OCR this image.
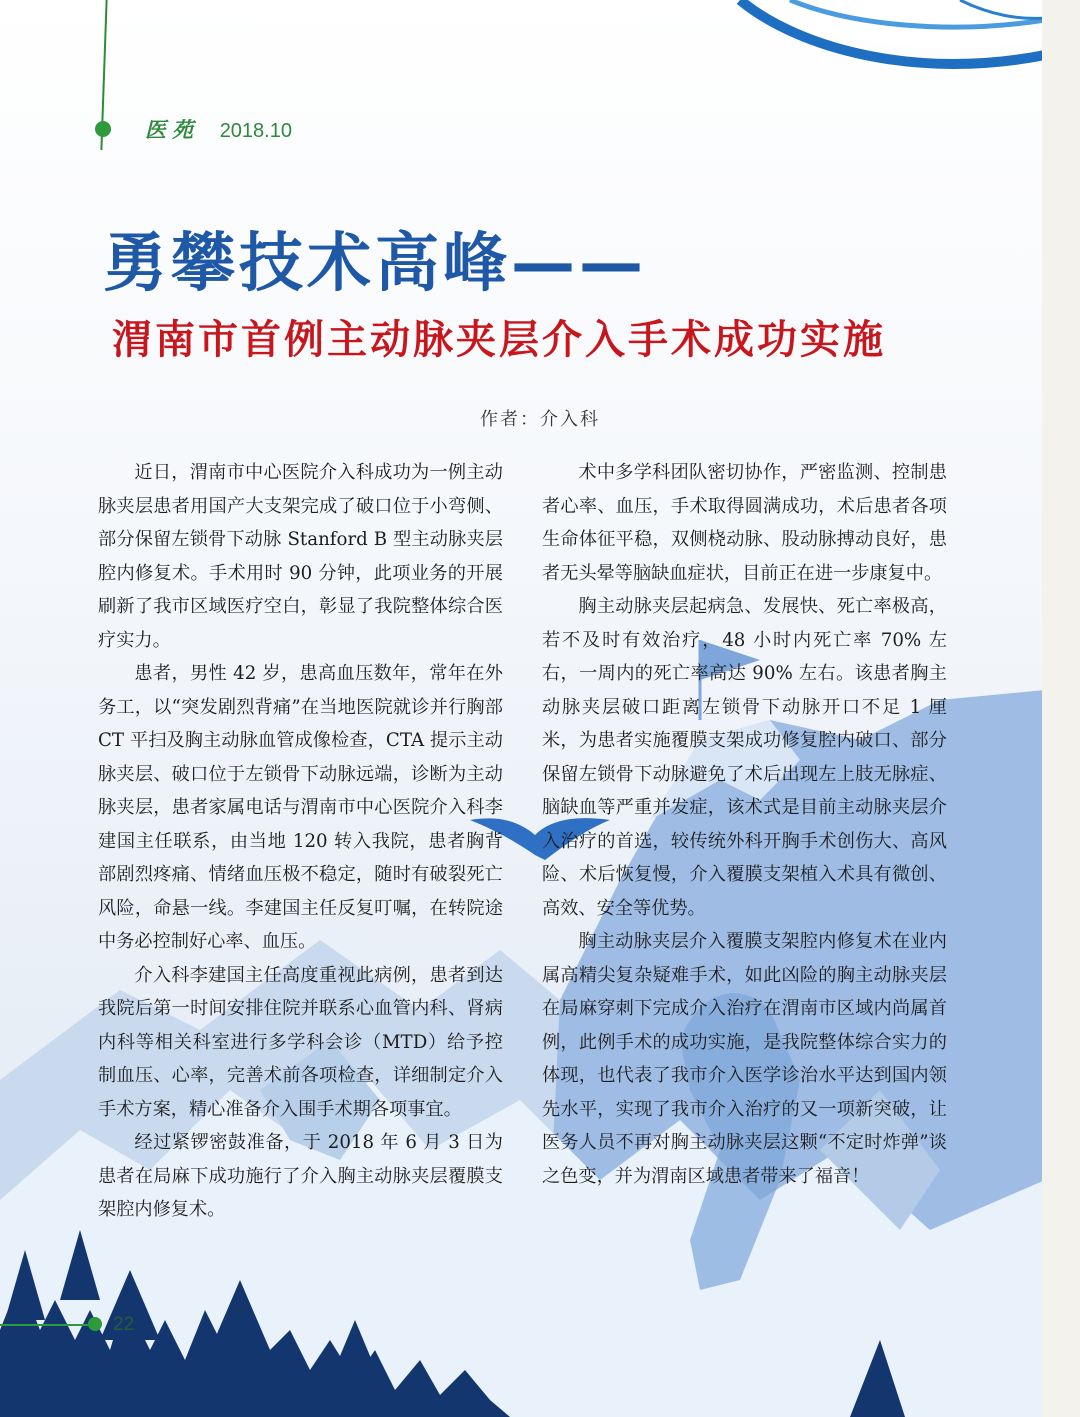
医苑 2018.10
勇攀技术高峰——
渭南市首例主动脉夹层介入手术成功实施
作者：介入科

近日，渭南市中心医院介入科成功为一例主动脉夹层患者用国产大支架完成了破口位于小弯侧、部分保留左锁骨下动脉 Stanford B 型主动脉夹层腔内修复术。手术用时 90 分钟，此项业务的开展刷新了我市区域医疗空白，彰显了我院整体综合医疗实力。

患者，男性 42 岁，患高血压数年，常年在外务工，以“突发剧烈背痛”在当地医院就诊并行胸部 CT 平扫及胸主动脉血管成像检查，CTA 提示主动脉夹层、破口位于左锁骨下动脉远端，诊断为主动脉夹层，患者家属电话与渭南市中心医院介入科李建国主任联系，由当地 120 转入我院，患者胸背部剧烈疼痛、情绪血压极不稳定，随时有破裂死亡风险，命悬一线。李建国主任反复叮嘱，在转院途中务必控制好心率、血压。

介入科李建国主任高度重视此病例，患者到达我院后第一时间安排住院并联系心血管内科、肾病内科等相关科室进行多学科会诊（MTD）给予控制血压、心率，完善术前各项检查，详细制定介入手术方案，精心准备介入围手术期各项事宜。

经过紧锣密鼓准备，于 2018 年 6 月 3 日为患者在局麻下成功施行了介入胸主动脉夹层覆膜支架腔内修复术。

术中多学科团队密切协作，严密监测、控制患者心率、血压，手术取得圆满成功，术后患者各项生命体征平稳，双侧桡动脉、股动脉搏动良好，患者无头晕等脑缺血症状，目前正在进一步康复中。

胸主动脉夹层起病急、发展快、死亡率极高，若不及时有效治疗，48 小时内死亡率 70% 左右，一周内的死亡率高达 90% 左右。该患者胸主动脉夹层破口距离左锁骨下动脉开口不足 1 厘米，为患者实施覆膜支架成功修复腔内破口、部分保留左锁骨下动脉避免了术后出现左上肢无脉症、脑缺血等严重并发症，该术式是目前主动脉夹层介入治疗的首选，较传统外科开胸手术创伤大、高风险、术后恢复慢，介入覆膜支架植入术具有微创、高效、安全等优势。

胸主动脉夹层介入覆膜支架腔内修复术在业内属高精尖复杂疑难手术，如此凶险的胸主动脉夹层在局麻穿刺下完成介入治疗在渭南市区域内尚属首例，此例手术的成功实施，是我院整体综合实力的体现，也代表了我市介入医学诊治水平达到国内领先水平，实现了我市介入治疗的又一项新突破，让医务人员不再对胸主动脉夹层这颗“不定时炸弹”谈之色变，并为渭南区域患者带来了福音！

22
